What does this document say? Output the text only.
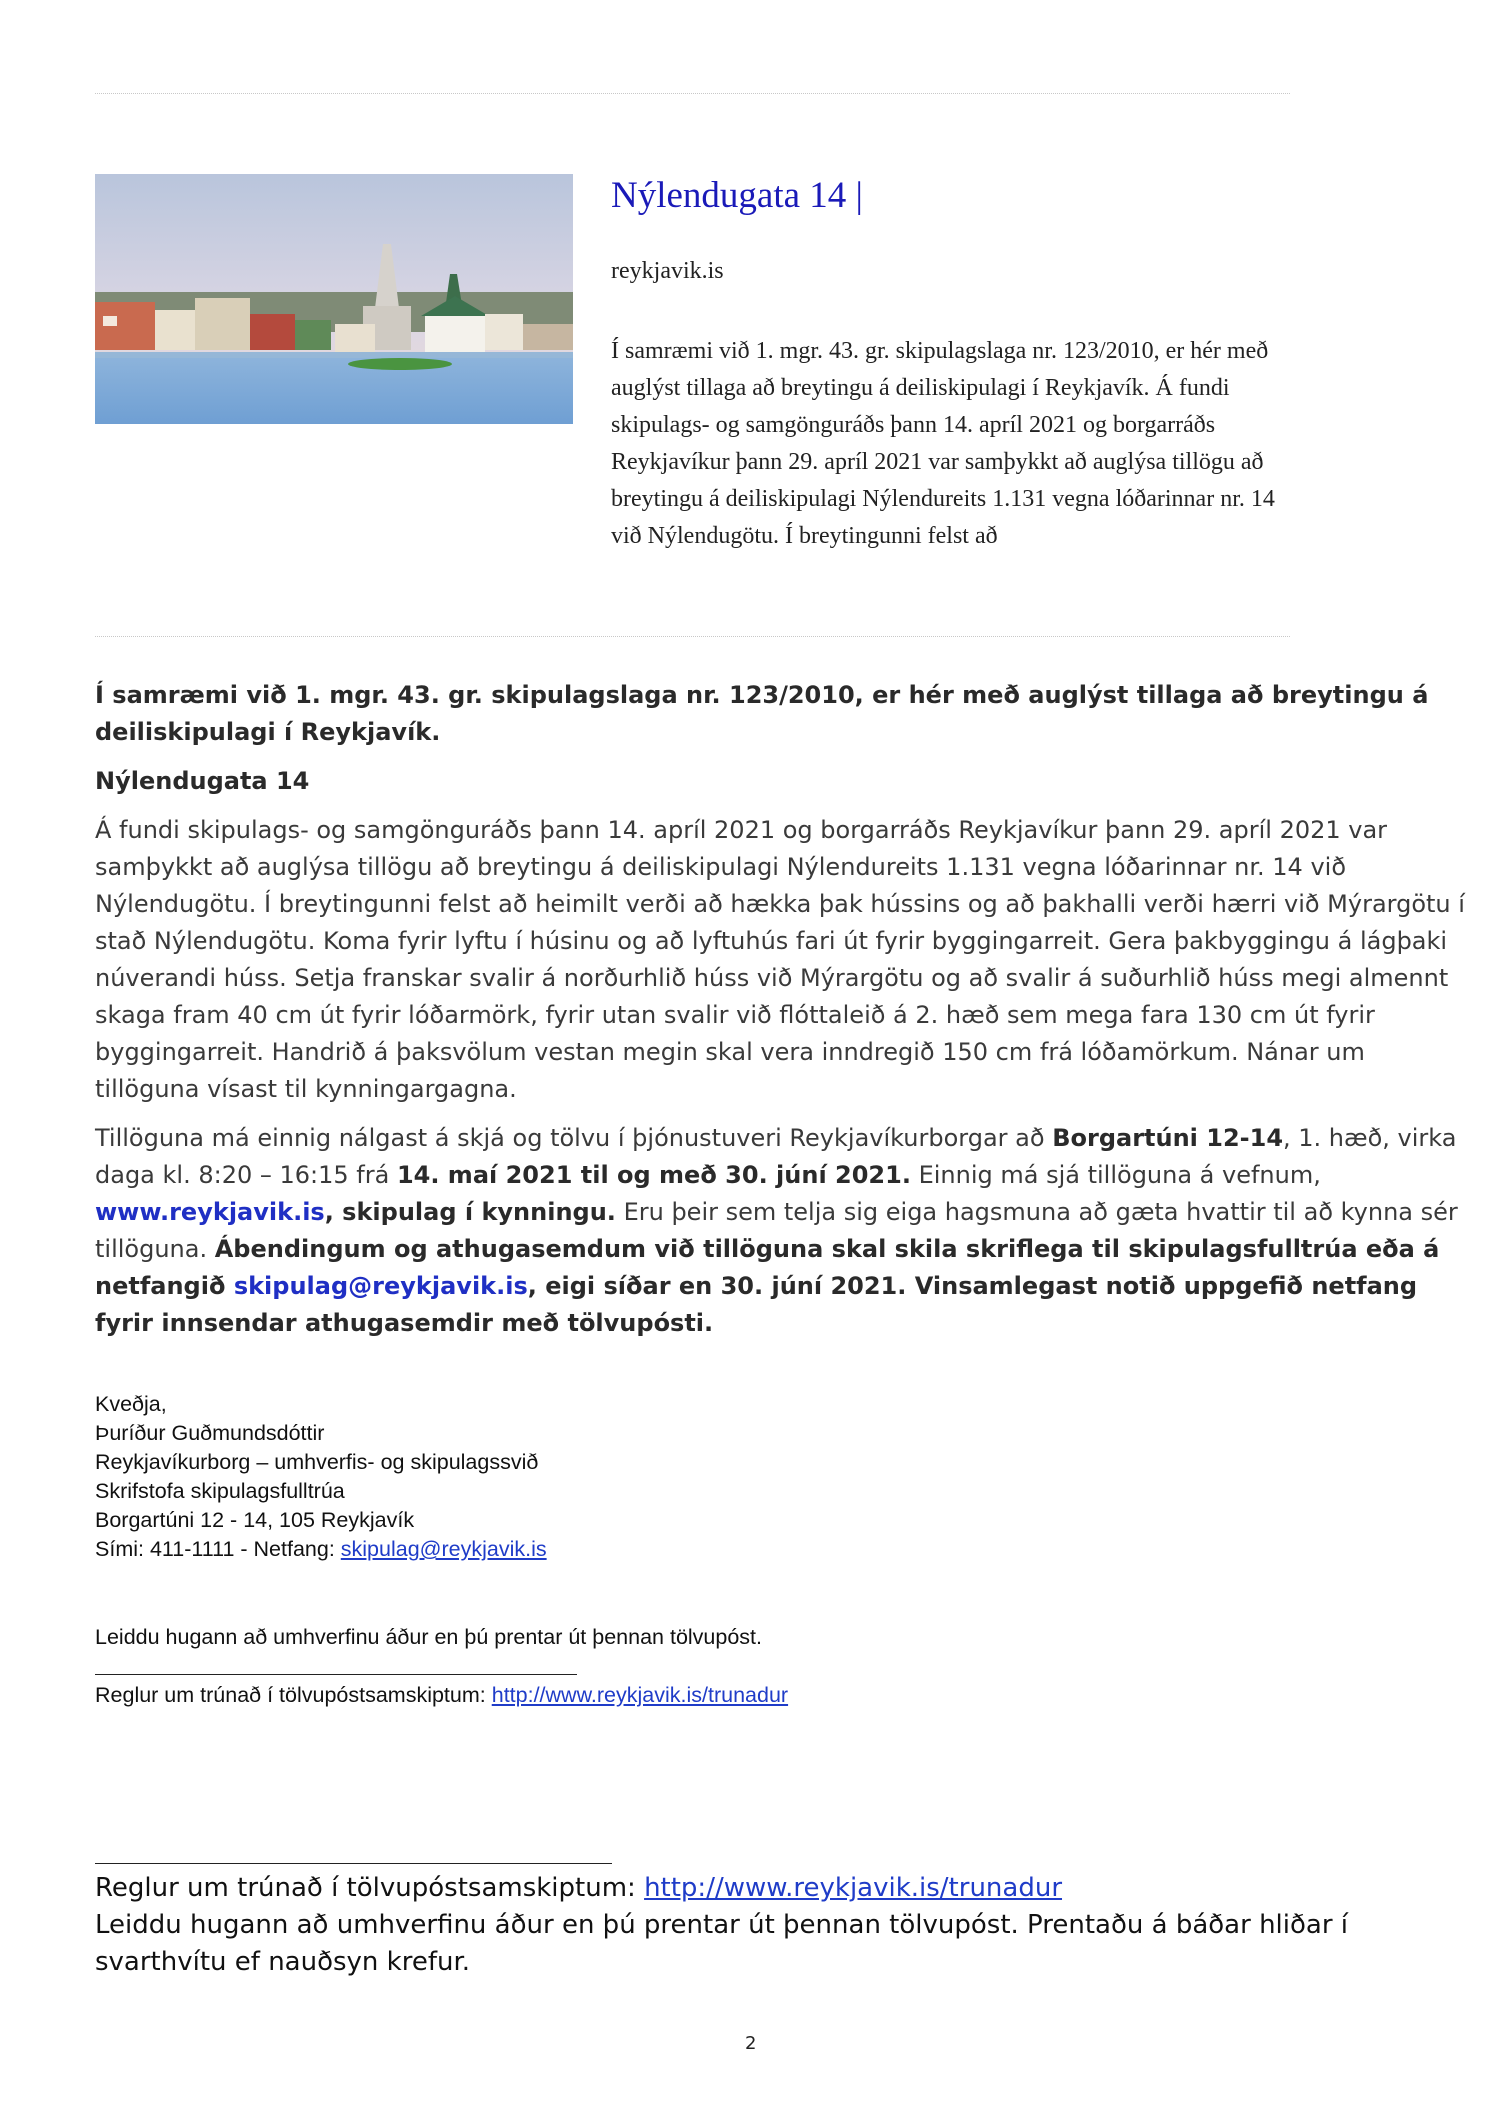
Nýlendugata 14 |
reykjavik.is
Í samræmi við 1. mgr. 43. gr. skipulagslaga nr. 123/2010, er hér með auglýst tillaga að breytingu á deiliskipulagi í Reykjavík. Á fundi skipulags- og samgönguráðs þann 14. apríl 2021 og borgarráðs Reykjavíkur þann 29. apríl 2021 var samþykkt að auglýsa tillögu að breytingu á deiliskipulagi Nýlendureits 1.131 vegna lóðarinnar nr. 14 við Nýlendugötu. Í breytingunni felst að

Í samræmi við 1. mgr. 43. gr. skipulagslaga nr. 123/2010, er hér með auglýst tillaga að breytingu á deiliskipulagi í Reykjavík.

Nýlendugata 14

Á fundi skipulags- og samgönguráðs þann 14. apríl 2021 og borgarráðs Reykjavíkur þann 29. apríl 2021 var samþykkt að auglýsa tillögu að breytingu á deiliskipulagi Nýlendureits 1.131 vegna lóðarinnar nr. 14 við Nýlendugötu. Í breytingunni felst að heimilt verði að hækka þak hússins og að þakhalli verði hærri við Mýrargötu í stað Nýlendugötu. Koma fyrir lyftu í húsinu og að lyftuhús fari út fyrir byggingarreit. Gera þakbyggingu á lágþaki núverandi húss. Setja franskar svalir á norðurhlið húss við Mýrargötu og að svalir á suðurhlið húss megi almennt skaga fram 40 cm út fyrir lóðarmörk, fyrir utan svalir við flóttaleið á 2. hæð sem mega fara 130 cm út fyrir byggingarreit. Handrið á þaksvölum vestan megin skal vera inndregið 150 cm frá lóðamörkum. Nánar um tillöguna vísast til kynningargagna.

Tillöguna má einnig nálgast á skjá og tölvu í þjónustuveri Reykjavíkurborgar að Borgartúni 12-14, 1. hæð, virka daga kl. 8:20 – 16:15 frá 14. maí 2021 til og með 30. júní 2021. Einnig má sjá tillöguna á vefnum, www.reykjavik.is, skipulag í kynningu. Eru þeir sem telja sig eiga hagsmuna að gæta hvattir til að kynna sér tillöguna. Ábendingum og athugasemdum við tillöguna skal skila skriflega til skipulagsfulltrúa eða á netfangið skipulag@reykjavik.is, eigi síðar en 30. júní 2021. Vinsamlegast notið uppgefið netfang fyrir innsendar athugasemdir með tölvupósti.

Kveðja,
Þuríður Guðmundsdóttir
Reykjavíkurborg – umhverfis- og skipulagssvið
Skrifstofa skipulagsfulltrúa
Borgartúni 12 - 14, 105 Reykjavík
Sími: 411-1111 - Netfang: skipulag@reykjavik.is
Leiddu hugann að umhverfinu áður en þú prentar út þennan tölvupóst.
Reglur um trúnað í tölvupóstsamskiptum: http://www.reykjavik.is/trunadur
Reglur um trúnað í tölvupóstsamskiptum: http://www.reykjavik.is/trunadur
Leiddu hugann að umhverfinu áður en þú prentar út þennan tölvupóst. Prentaðu á báðar hliðar í svarthvítu ef nauðsyn krefur.
2
